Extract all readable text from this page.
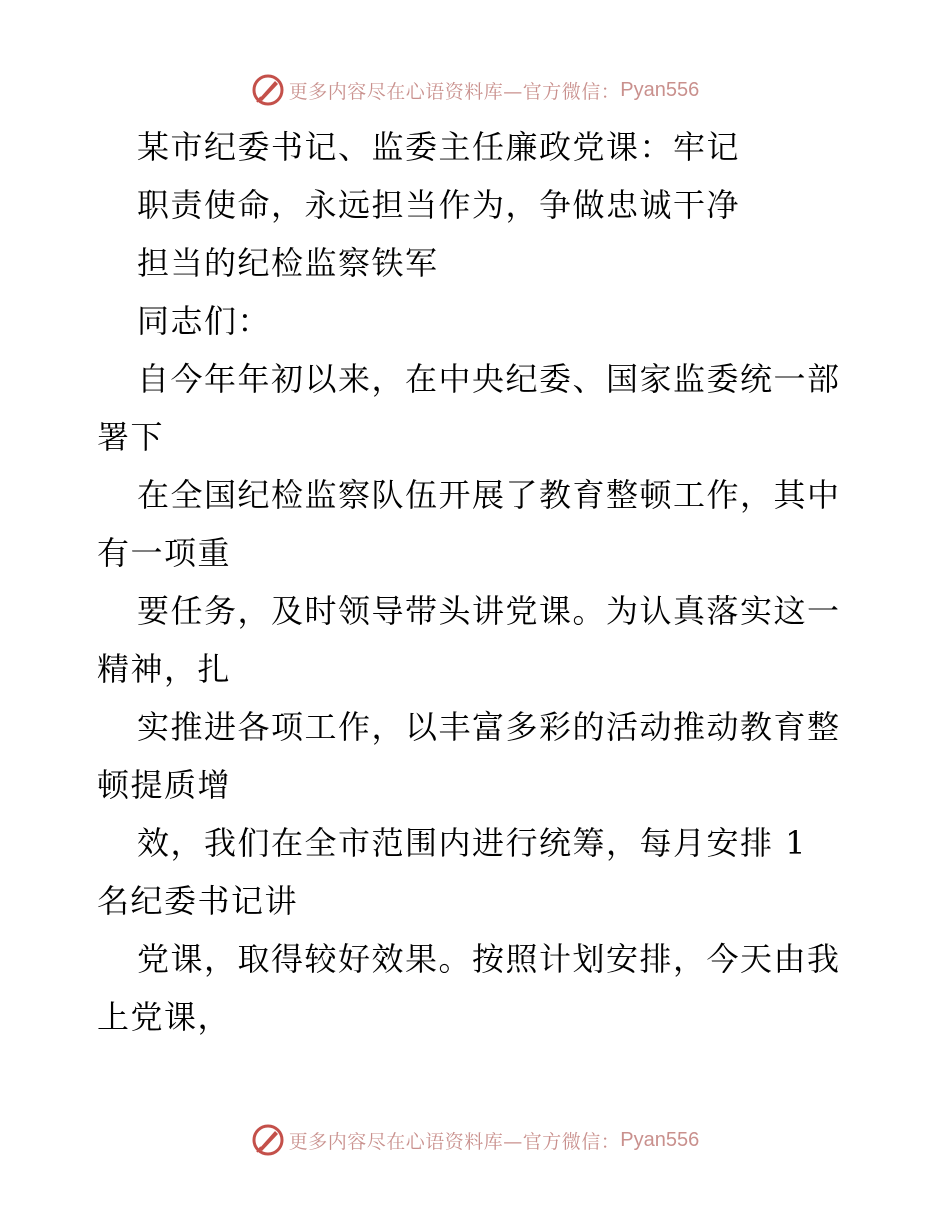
更多内容尽在心语资料库—官方微信： Pyan556
某市纪委书记、监委主任廉政党课：牢记
职责使命，永远担当作为，争做忠诚干净
担当的纪检监察铁军
同志们：
自今年年初以来，在中央纪委、国家监委统一部
署下
在全国纪检监察队伍开展了教育整顿工作，其中
有一项重
要任务，及时领导带头讲党课。为认真落实这一
精神，扎
实推进各项工作，以丰富多彩的活动推动教育整
顿提质增
效，我们在全市范围内进行统筹，每月安排 1
名纪委书记讲
党课，取得较好效果。按照计划安排，今天由我
上党课，
更多内容尽在心语资料库—官方微信： Pyan556
